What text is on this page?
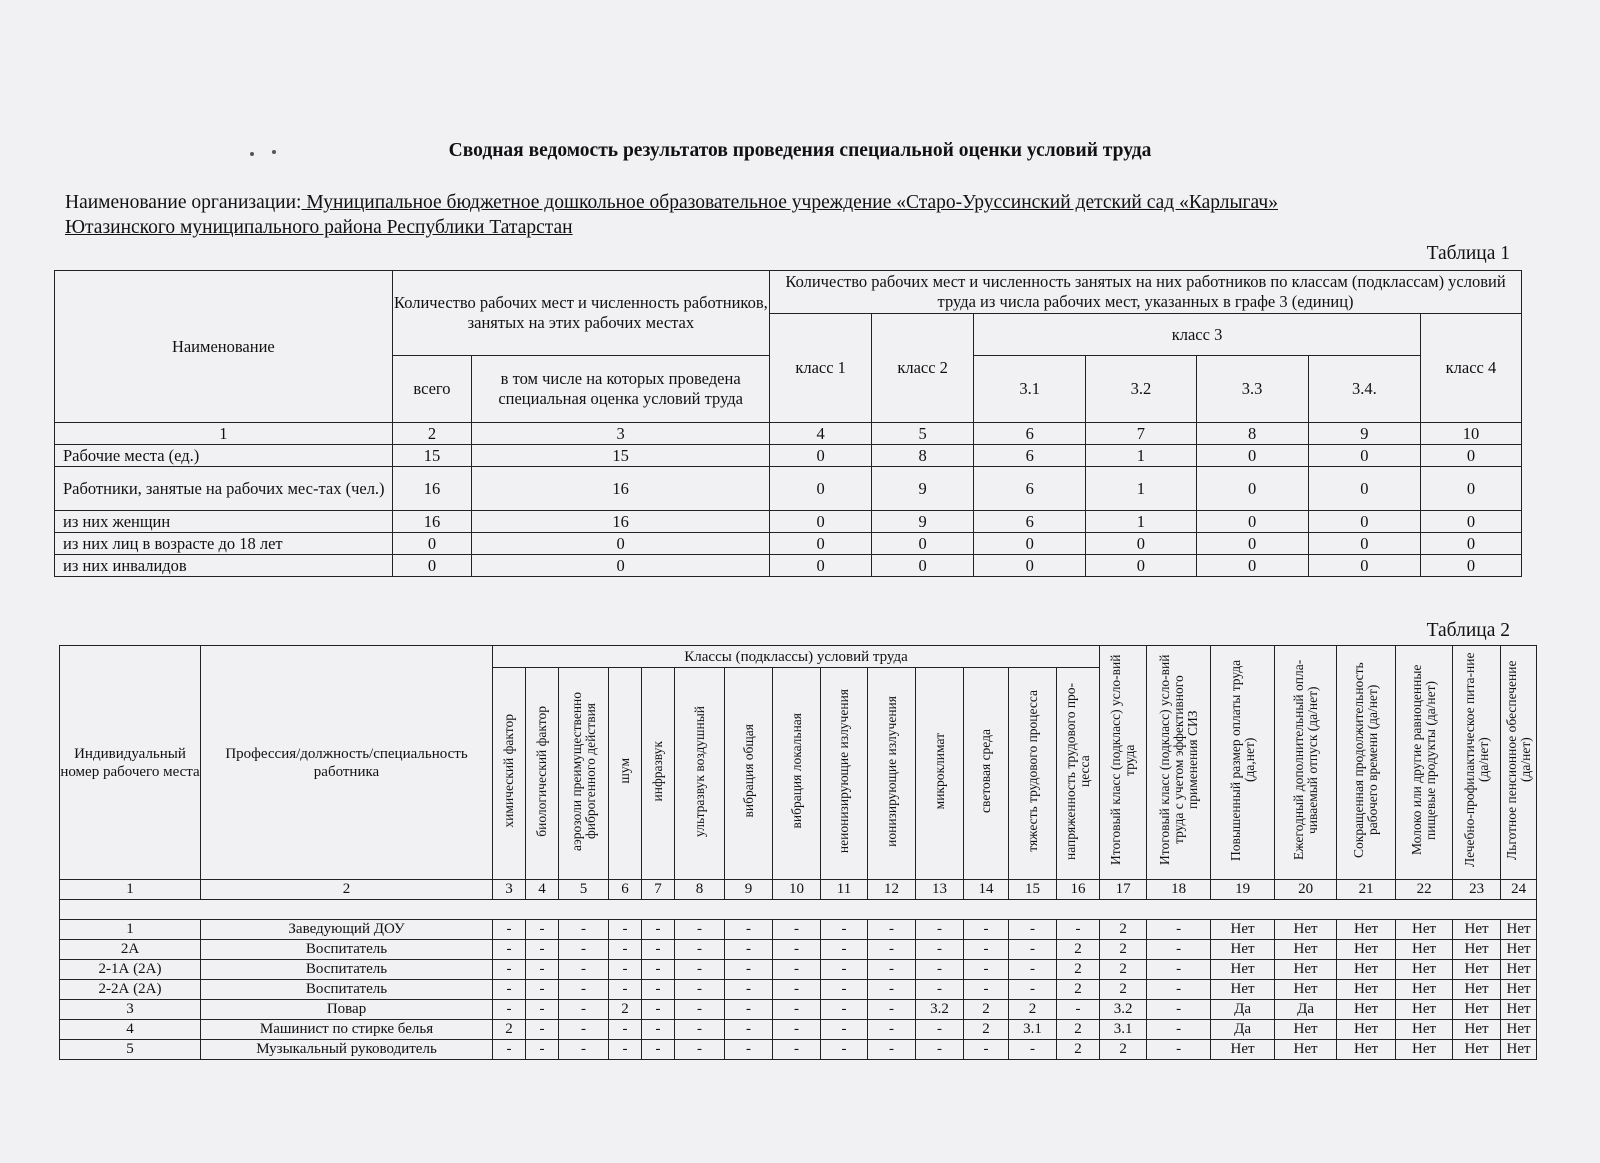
Сводная ведомость результатов проведения специальной оценки условий труда
Наименование организации: Муниципальное бюджетное дошкольное образовательное учреждение «Старо-Уруссинский детский сад «Карлыгач»
Ютазинского муниципального района Республики Татарстан
Таблица 1
Наименование	Количество рабочих мест и численность работников, занятых на этих рабочих местах		Количество рабочих мест и численность занятых на них работников по классам (подклассам) условий труда из числа рабочих мест, указанных в графе 3 (единиц)						
			класс 1	класс 2	класс 3				класс 4
	всего	в том числе на которых проведена специальная оценка условий труда			3.1	3.2	3.3	3.4.	
1	2	3	4	5	6	7	8	9	10
Рабочие места (ед.)	15	15	0	8	6	1	0	0	0
Работники, занятые на рабочих мес-тах (чел.)	16	16	0	9	6	1	0	0	0
из них женщин	16	16	0	9	6	1	0	0	0
из них лиц в возрасте до 18 лет	0	0	0	0	0	0	0	0	0
из них инвалидов	0	0	0	0	0	0	0	0	0
Таблица 2
Индивидуальный номер рабочего места	Профессия/должность/специальность работника	Классы (подклассы) условий труда														Итоговый класс (подкласс) усло-вий труда	Итоговый класс (подкласс) усло-вий труда с учетом эффективного применения СИЗ	Повышенный размер оплаты труда (да,нет)	Ежегодный дополнительный опла-чиваемый отпуск (да/нет)	Сокращенная продолжительность рабочего времени (да/нет)	Молоко или другие равноценные пищевые продукты (да/нет)	Лечебно-профилактическое пита-ние (да/нет)	Льготное пенсионное обеспечение (да/нет)
		химический фактор	биологический фактор	аэрозоли преимущественно фиброгенного действия	шум	инфразвук	ультразвук воздушный	вибрация общая	вибрация локальная	неионизирующие излучения	ионизирующие излучения	микроклимат	световая среда	тяжесть трудового процесса	напряженность трудового про-цесса								
1	2	3	4	5	6	7	8	9	10	11	12	13	14	15	16	17	18	19	20	21	22	23	24

1	Заведующий ДОУ	-	-	-	-	-	-	-	-	-	-	-	-	-	-	2	-	Нет	Нет	Нет	Нет	Нет	Нет
2А	Воспитатель	-	-	-	-	-	-	-	-	-	-	-	-	-	2	2	-	Нет	Нет	Нет	Нет	Нет	Нет
2-1А (2А)	Воспитатель	-	-	-	-	-	-	-	-	-	-	-	-	-	2	2	-	Нет	Нет	Нет	Нет	Нет	Нет
2-2А (2А)	Воспитатель	-	-	-	-	-	-	-	-	-	-	-	-	-	2	2	-	Нет	Нет	Нет	Нет	Нет	Нет
3	Повар	-	-	-	2	-	-	-	-	-	-	3.2	2	2	-	3.2	-	Да	Да	Нет	Нет	Нет	Нет
4	Машинист по стирке белья	2	-	-	-	-	-	-	-	-	-	-	2	3.1	2	3.1	-	Да	Нет	Нет	Нет	Нет	Нет
5	Музыкальный руководитель	-	-	-	-	-	-	-	-	-	-	-	-	-	2	2	-	Нет	Нет	Нет	Нет	Нет	Нет
